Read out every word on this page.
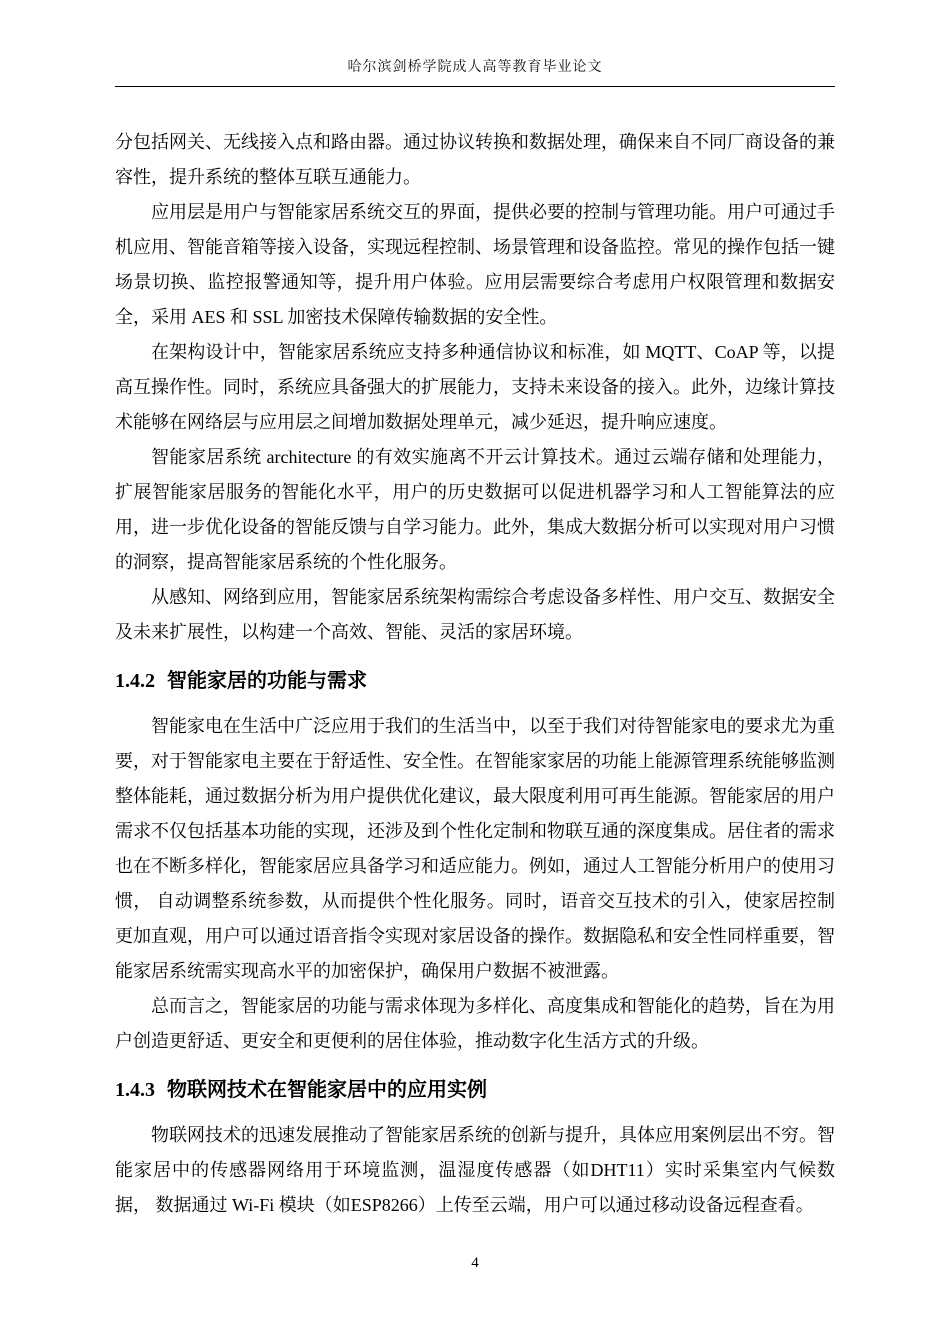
哈尔滨剑桥学院成人高等教育毕业论文

分包括网关、无线接入点和路由器。通过协议转换和数据处理，确保来自不同厂商设备的兼容性，提升系统的整体互联互通能力。

应用层是用户与智能家居系统交互的界面，提供必要的控制与管理功能。用户可通过手机应用、智能音箱等接入设备，实现远程控制、场景管理和设备监控。常见的操作包括一键场景切换、监控报警通知等，提升用户体验。应用层需要综合考虑用户权限管理和数据安全，采用 AES 和 SSL 加密技术保障传输数据的安全性。

在架构设计中，智能家居系统应支持多种通信协议和标准，如 MQTT、CoAP 等，以提高互操作性。同时，系统应具备强大的扩展能力，支持未来设备的接入。此外，边缘计算技术能够在网络层与应用层之间增加数据处理单元，减少延迟，提升响应速度。

智能家居系统 architecture 的有效实施离不开云计算技术。通过云端存储和处理能力，扩展智能家居服务的智能化水平，用户的历史数据可以促进机器学习和人工智能算法的应用，进一步优化设备的智能反馈与自学习能力。此外，集成大数据分析可以实现对用户习惯的洞察，提高智能家居系统的个性化服务。

从感知、网络到应用，智能家居系统架构需综合考虑设备多样性、用户交互、数据安全及未来扩展性，以构建一个高效、智能、灵活的家居环境。

1.4.2 智能家居的功能与需求

智能家电在生活中广泛应用于我们的生活当中，以至于我们对待智能家电的要求尤为重要，对于智能家电主要在于舒适性、安全性。在智能家家居的功能上能源管理系统能够监测整体能耗，通过数据分析为用户提供优化建议，最大限度利用可再生能源。智能家居的用户需求不仅包括基本功能的实现，还涉及到个性化定制和物联互通的深度集成。居住者的需求也在不断多样化，智能家居应具备学习和适应能力。例如，通过人工智能分析用户的使用习惯， 自动调整系统参数，从而提供个性化服务。同时，语音交互技术的引入，使家居控制更加直观，用户可以通过语音指令实现对家居设备的操作。数据隐私和安全性同样重要，智能家居系统需实现高水平的加密保护，确保用户数据不被泄露。

总而言之，智能家居的功能与需求体现为多样化、高度集成和智能化的趋势，旨在为用户创造更舒适、更安全和更便利的居住体验，推动数字化生活方式的升级。

1.4.3 物联网技术在智能家居中的应用实例

物联网技术的迅速发展推动了智能家居系统的创新与提升，具体应用案例层出不穷。智能家居中的传感器网络用于环境监测，温湿度传感器（如DHT11）实时采集室内气候数据， 数据通过 Wi-Fi 模块（如ESP8266）上传至云端，用户可以通过移动设备远程查看。

4
